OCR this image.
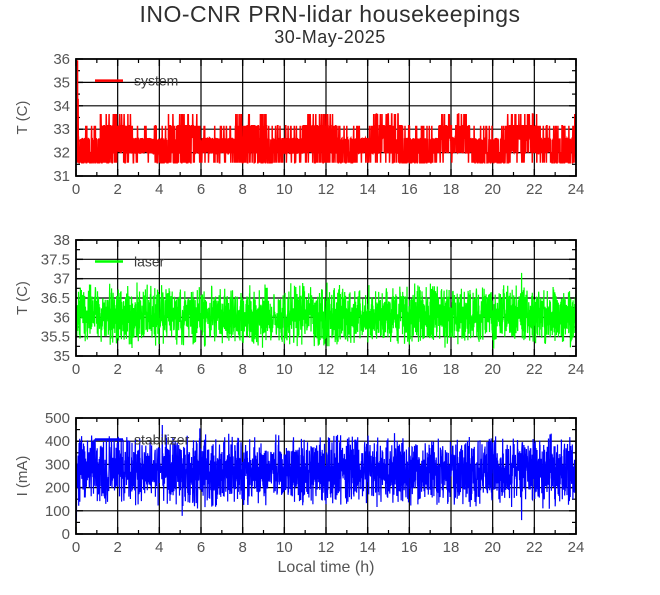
INO-CNR PRN-lidar housekeepings
30-May-2025
31
32
33
34
35
36
0 2 4 6 8 10 12 14 16 18 20 22 24
system
T (C)
35
35.5
36
36.5
37
37.5
38
0 2 4 6 8 10 12 14 16 18 20 22 24
laser
T (C)
0
100
200
300
400
500
0 2 4 6 8 10 12 14 16 18 20 22 24
stabilizer
I (mA)
Local time (h)
